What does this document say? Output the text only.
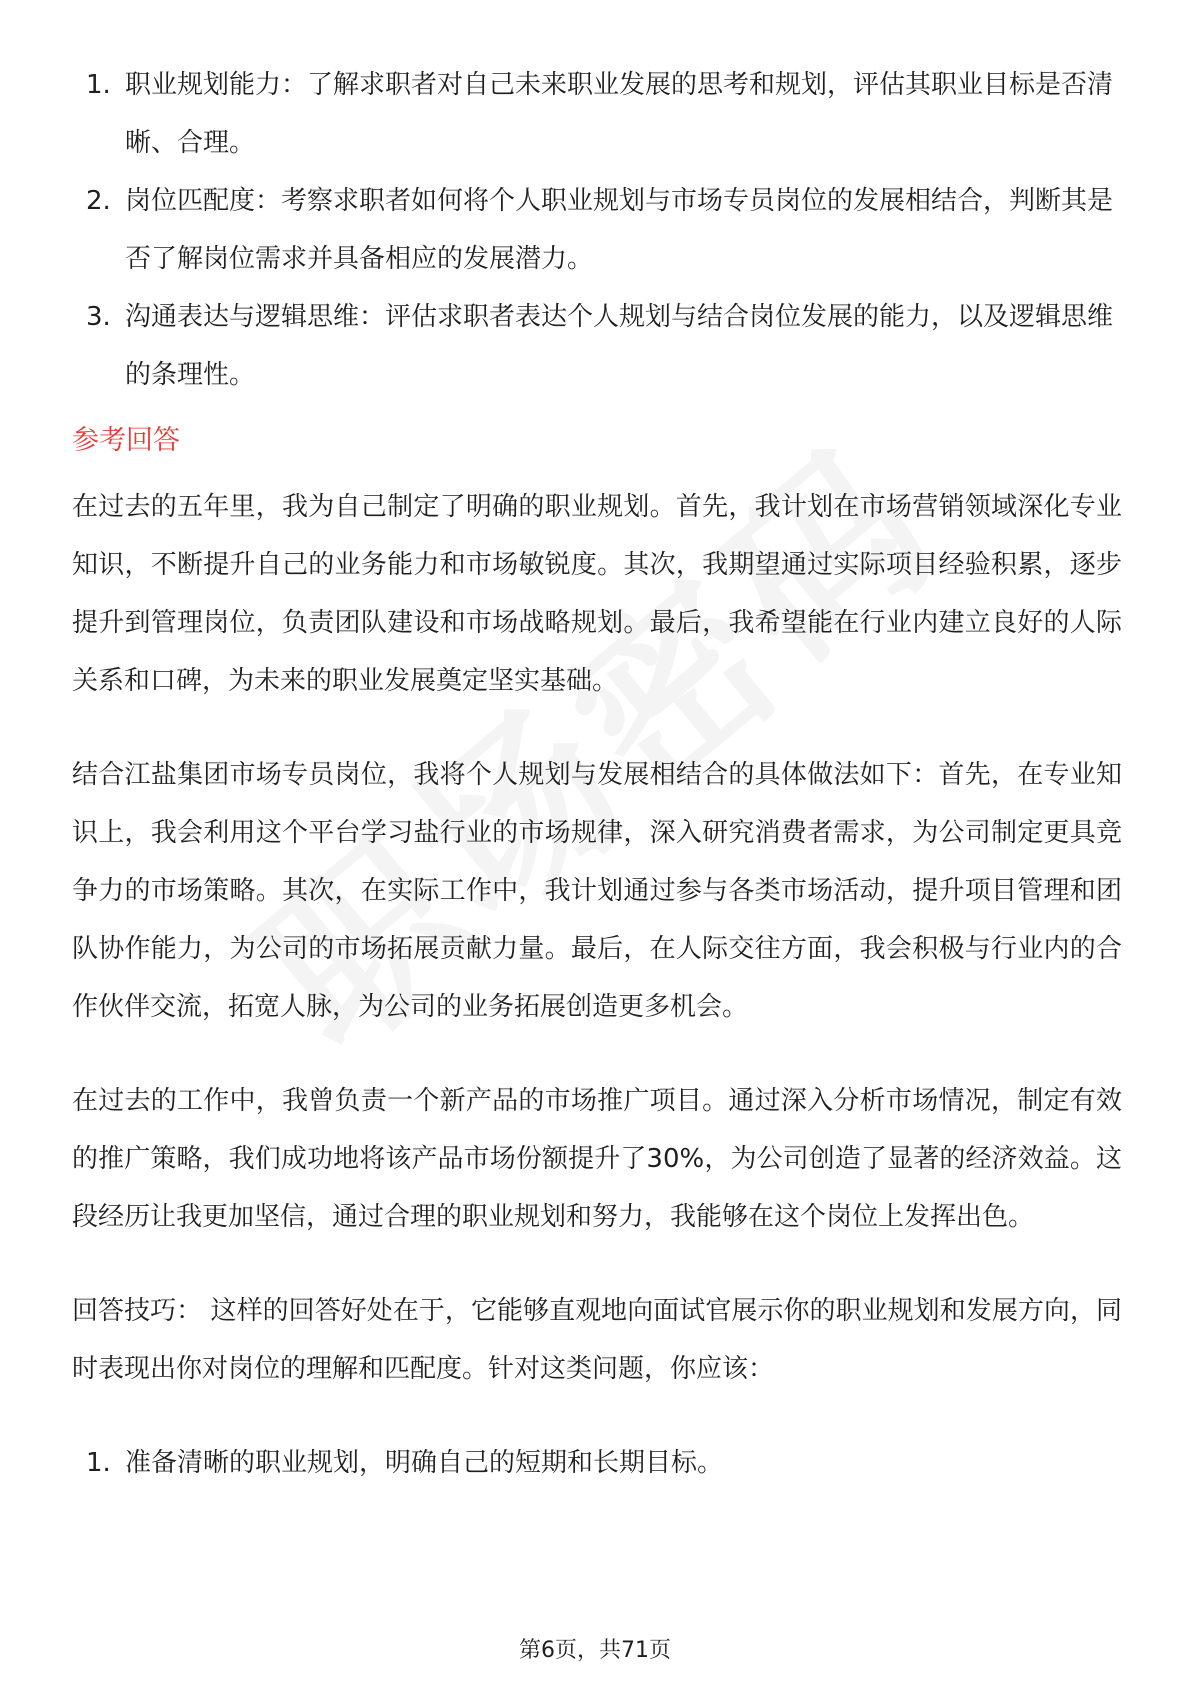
1. 职业规划能力：了解求职者对自己未来职业发展的思考和规划，评估其职业目标是否清晰、合理。
2. 岗位匹配度：考察求职者如何将个人职业规划与市场专员岗位的发展相结合，判断其是否了解岗位需求并具备相应的发展潜力。
3. 沟通表达与逻辑思维：评估求职者表达个人规划与结合岗位发展的能力，以及逻辑思维的条理性。
参考回答

在过去的五年里，我为自己制定了明确的职业规划。首先，我计划在市场营销领域深化专业知识，不断提升自己的业务能力和市场敏锐度。其次，我期望通过实际项目经验积累，逐步提升到管理岗位，负责团队建设和市场战略规划。最后，我希望能在行业内建立良好的人际关系和口碑，为未来的职业发展奠定坚实基础。

结合江盐集团市场专员岗位，我将个人规划与发展相结合的具体做法如下：首先，在专业知识上，我会利用这个平台学习盐行业的市场规律，深入研究消费者需求，为公司制定更具竞争力的市场策略。其次，在实际工作中，我计划通过参与各类市场活动，提升项目管理和团队协作能力，为公司的市场拓展贡献力量。最后，在人际交往方面，我会积极与行业内的合作伙伴交流，拓宽人脉，为公司的业务拓展创造更多机会。

在过去的工作中，我曾负责一个新产品的市场推广项目。通过深入分析市场情况，制定有效的推广策略，我们成功地将该产品市场份额提升了30%，为公司创造了显著的经济效益。这段经历让我更加坚信，通过合理的职业规划和努力，我能够在这个岗位上发挥出色。

回答技巧： 这样的回答好处在于，它能够直观地向面试官展示你的职业规划和发展方向，同时表现出你对岗位的理解和匹配度。针对这类问题，你应该：

1. 准备清晰的职业规划，明确自己的短期和长期目标。
第6页，共71页
